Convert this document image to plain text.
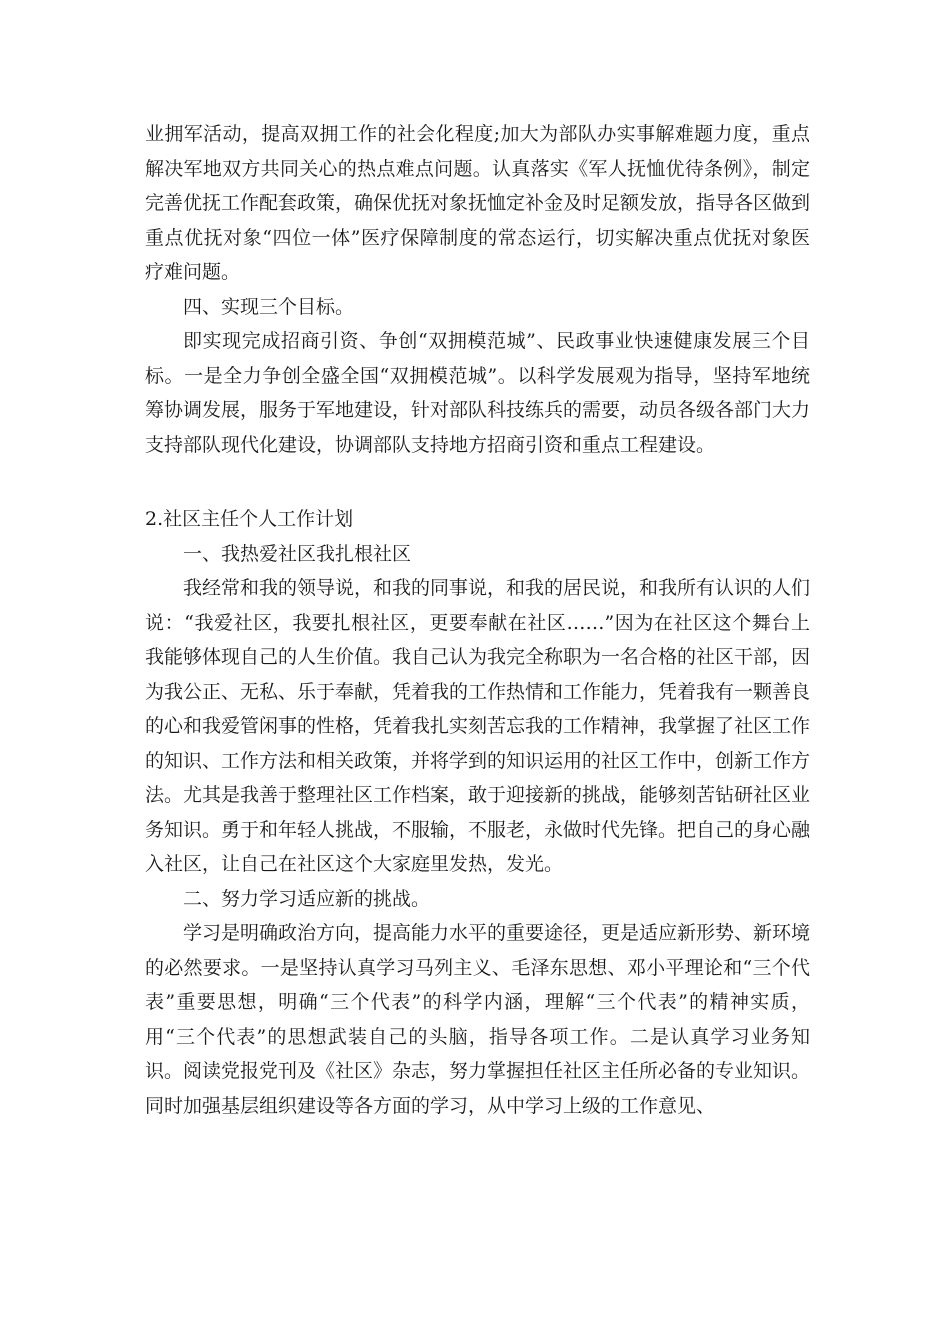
业拥军活动，提高双拥工作的社会化程度;加大为部队办实事解难题力度，重点解决军地双方共同关心的热点难点问题。认真落实《军人抚恤优待条例》，制定完善优抚工作配套政策，确保优抚对象抚恤定补金及时足额发放，指导各区做到重点优抚对象“四位一体”医疗保障制度的常态运行，切实解决重点优抚对象医疗难问题。

四、实现三个目标。

即实现完成招商引资、争创“双拥模范城”、民政事业快速健康发展三个目标。一是全力争创全盛全国“双拥模范城”。以科学发展观为指导，坚持军地统筹协调发展，服务于军地建设，针对部队科技练兵的需要，动员各级各部门大力支持部队现代化建设，协调部队支持地方招商引资和重点工程建设。

2.社区主任个人工作计划

一、我热爱社区我扎根社区

我经常和我的领导说，和我的同事说，和我的居民说，和我所有认识的人们说：“我爱社区，我要扎根社区，更要奉献在社区……”因为在社区这个舞台上我能够体现自己的人生价值。我自己认为我完全称职为一名合格的社区干部，因为我公正、无私、乐于奉献，凭着我的工作热情和工作能力，凭着我有一颗善良的心和我爱管闲事的性格，凭着我扎实刻苦忘我的工作精神，我掌握了社区工作的知识、工作方法和相关政策，并将学到的知识运用的社区工作中，创新工作方法。尤其是我善于整理社区工作档案，敢于迎接新的挑战，能够刻苦钻研社区业务知识。勇于和年轻人挑战，不服输，不服老，永做时代先锋。把自己的身心融入社区，让自己在社区这个大家庭里发热，发光。

二、努力学习适应新的挑战。

学习是明确政治方向，提高能力水平的重要途径，更是适应新形势、新环境的必然要求。一是坚持认真学习马列主义、毛泽东思想、邓小平理论和“三个代表”重要思想，明确“三个代表”的科学内涵，理解“三个代表”的精神实质，用“三个代表”的思想武装自己的头脑，指导各项工作。二是认真学习业务知识。阅读党报党刊及《社区》杂志，努力掌握担任社区主任所必备的专业知识。同时加强基层组织建设等各方面的学习，从中学习上级的工作意见、
